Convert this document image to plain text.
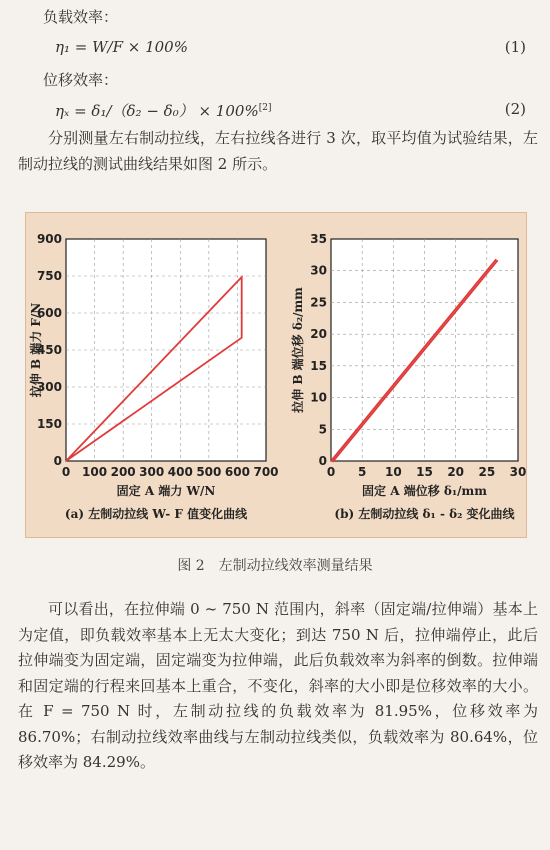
负载效率：
η₁ = W/F × 100%	(1)
位移效率：
ηₓ = δ₁/（δ₂ − δ₀） × 100%[2]	(2)
分别测量左右制动拉线，左右拉线各进行 3 次，取平均值为试验结果，左制动拉线的测试曲线结果如图 2 所示。
0 100 200 300 400 500 600 700
0
150
300
450
600
750
900
固定 A 端力 W/N
拉伸 B 端力 F/N
(a) 左制动拉线 W- F 值变化曲线
0 5 10 15 20 25 30
0
5
10
15
20
25
30
35
固定 A 端位移 δ₁/mm
拉伸 B 端位移 δ₂/mm
(b) 左制动拉线 δ₁ - δ₂ 变化曲线
图 2　左制动拉线效率测量结果
可以看出，在拉伸端 0 ~ 750 N 范围内，斜率（固定端/拉伸端）基本上为定值，即负载效率基本上无太大变化；到达 750 N 后，拉伸端停止，此后拉伸端变为固定端，固定端变为拉伸端，此后负载效率为斜率的倒数。拉伸端和固定端的行程来回基本上重合，不变化，斜率的大小即是位移效率的大小。在 F = 750 N 时，左制动拉线的负载效率为 81.95%，位移效率为 86.70%；右制动拉线效率曲线与左制动拉线类似，负载效率为 80.64%，位移效率为 84.29%。
